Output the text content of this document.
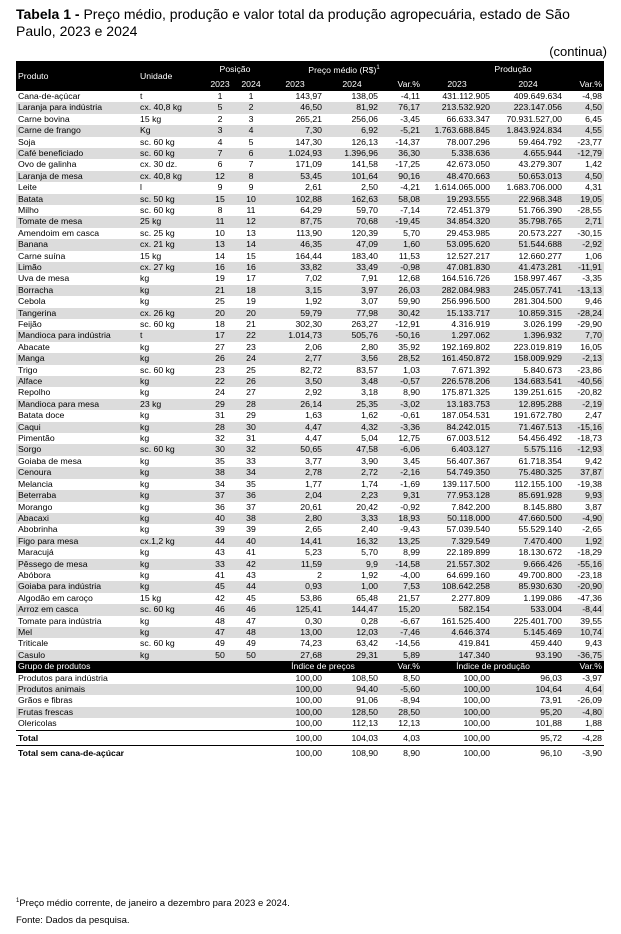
Tabela 1 - Preço médio, produção e valor total da produção agropecuária, estado de São Paulo, 2023 e 2024
(continua)
Produto	Unidade	Posição		Preço médio (R$)$^1$			Produção		
		2023	2024	2023	2024	Var.%	2023	2024	Var.%
Cana-de-açúcar	t	1	1	143,97	138,05	-4,11	431.112.905	409.649.634	-4,98
Laranja para indústria	cx. 40,8 kg	5	2	46,50	81,92	76,17	213.532.920	223.147.056	4,50
Carne bovina	15 kg	2	3	265,21	256,06	-3,45	66.633.347	70.931.527,00	6,45
Carne de frango	Kg	3	4	7,30	6,92	-5,21	1.763.688.845	1.843.924.834	4,55
Soja	sc. 60 kg	4	5	147,30	126,13	-14,37	78.007.296	59.464.792	-23,77
Café beneficiado	sc. 60 kg	7	6	1.024,93	1.396,96	36,30	5.338.636	4.655.944	-12,79
Ovo de galinha	cx. 30 dz.	6	7	171,09	141,58	-17,25	42.673.050	43.279.307	1,42
Laranja de mesa	cx. 40,8 kg	12	8	53,45	101,64	90,16	48.470.663	50.653.013	4,50
Leite	l	9	9	2,61	2,50	-4,21	1.614.065.000	1.683.706.000	4,31
Batata	sc. 50 kg	15	10	102,88	162,63	58,08	19.293.555	22.968.348	19,05
Milho	sc. 60 kg	8	11	64,29	59,70	-7,14	72.451.379	51.766.390	-28,55
Tomate de mesa	25 kg	11	12	87,75	70,68	-19,45	34.854.320	35.798.765	2,71
Amendoim em casca	sc. 25 kg	10	13	113,90	120,39	5,70	29.453.985	20.573.227	-30,15
Banana	cx. 21 kg	13	14	46,35	47,09	1,60	53.095.620	51.544.688	-2,92
Carne suína	15 kg	14	15	164,44	183,40	11,53	12.527.217	12.660.277	1,06
Limão	cx. 27 kg	16	16	33,82	33,49	-0,98	47.081.830	41.473.281	-11,91
Uva de mesa	kg	19	17	7,02	7,91	12,68	164.516.726	158.997.467	-3,35
Borracha	kg	21	18	3,15	3,97	26,03	282.084.983	245.057.741	-13,13
Cebola	kg	25	19	1,92	3,07	59,90	256.996.500	281.304.500	9,46
Tangerina	cx. 26 kg	20	20	59,79	77,98	30,42	15.133.717	10.859.315	-28,24
Feijão	sc. 60 kg	18	21	302,30	263,27	-12,91	4.316.919	3.026.199	-29,90
Mandioca para indústria	t	17	22	1.014,73	505,76	-50,16	1.297.062	1.396.932	7,70
Abacate	kg	27	23	2,06	2,80	35,92	192.169.802	223.019.819	16,05
Manga	kg	26	24	2,77	3,56	28,52	161.450.872	158.009.929	-2,13
Trigo	sc. 60 kg	23	25	82,72	83,57	1,03	7.671.392	5.840.673	-23,86
Alface	kg	22	26	3,50	3,48	-0,57	226.578.206	134.683.541	-40,56
Repolho	kg	24	27	2,92	3,18	8,90	175.871.325	139.251.615	-20,82
Mandioca para mesa	23 kg	29	28	26,14	25,35	-3,02	13.183.753	12.895.288	-2,19
Batata doce	kg	31	29	1,63	1,62	-0,61	187.054.531	191.672.780	2,47
Caqui	kg	28	30	4,47	4,32	-3,36	84.242.015	71.467.513	-15,16
Pimentão	kg	32	31	4,47	5,04	12,75	67.003.512	54.456.492	-18,73
Sorgo	sc. 60 kg	30	32	50,65	47,58	-6,06	6.403.127	5.575.116	-12,93
Goiaba de mesa	kg	35	33	3,77	3,90	3,45	56.407.367	61.718.354	9,42
Cenoura	kg	38	34	2,78	2,72	-2,16	54.749.350	75.480.325	37,87
Melancia	kg	34	35	1,77	1,74	-1,69	139.117.500	112.155.100	-19,38
Beterraba	kg	37	36	2,04	2,23	9,31	77.953.128	85.691.928	9,93
Morango	kg	36	37	20,61	20,42	-0,92	7.842.200	8.145.880	3,87
Abacaxi	kg	40	38	2,80	3,33	18,93	50.118.000	47.660.500	-4,90
Abobrinha	kg	39	39	2,65	2,40	-9,43	57.039.540	55.529.140	-2,65
Figo para mesa	cx.1,2 kg	44	40	14,41	16,32	13,25	7.329.549	7.470.400	1,92
Maracujá	kg	43	41	5,23	5,70	8,99	22.189.899	18.130.672	-18,29
Pêssego de mesa	kg	33	42	11,59	9,9	-14,58	21.557.302	9.666.426	-55,16
Abóbora	kg	41	43	2	1,92	-4,00	64.699.160	49.700.800	-23,18
Goiaba para indústria	kg	45	44	0,93	1,00	7,53	108.642.258	85.930.630	-20,90
Algodão em caroço	15 kg	42	45	53,86	65,48	21,57	2.277.809	1.199.086	-47,36
Arroz em casca	sc. 60 kg	46	46	125,41	144,47	15,20	582.154	533.004	-8,44
Tomate para indústria	kg	48	47	0,30	0,28	-6,67	161.525.400	225.401.700	39,55
Mel	kg	47	48	13,00	12,03	-7,46	4.646.374	5.145.469	10,74
Triticale	sc. 60 kg	49	49	74,23	63,42	-14,56	419.841	459.440	9,43
Casulo	kg	50	50	27,68	29,31	5,89	147.340	93.190	-36,75
Grupo de produtos				Índice de preços		Var.%	Índice de produção		Var.%
Produtos para indústria				100,00	108,50	8,50	100,00	96,03	-3,97
Produtos animais				100,00	94,40	-5,60	100,00	104,64	4,64
Grãos e fibras				100,00	91,06	-8,94	100,00	73,91	-26,09
Frutas frescas				100,00	128,50	28,50	100,00	95,20	-4,80
Olericolas				100,00	112,13	12,13	100,00	101,88	1,88
Total				100,00	104,03	4,03	100,00	95,72	-4,28
Total sem cana-de-açúcar				100,00	108,90	8,90	100,00	96,10	-3,90
$^1$Preço médio corrente, de janeiro a dezembro para 2023 e 2024.
Fonte: Dados da pesquisa.
